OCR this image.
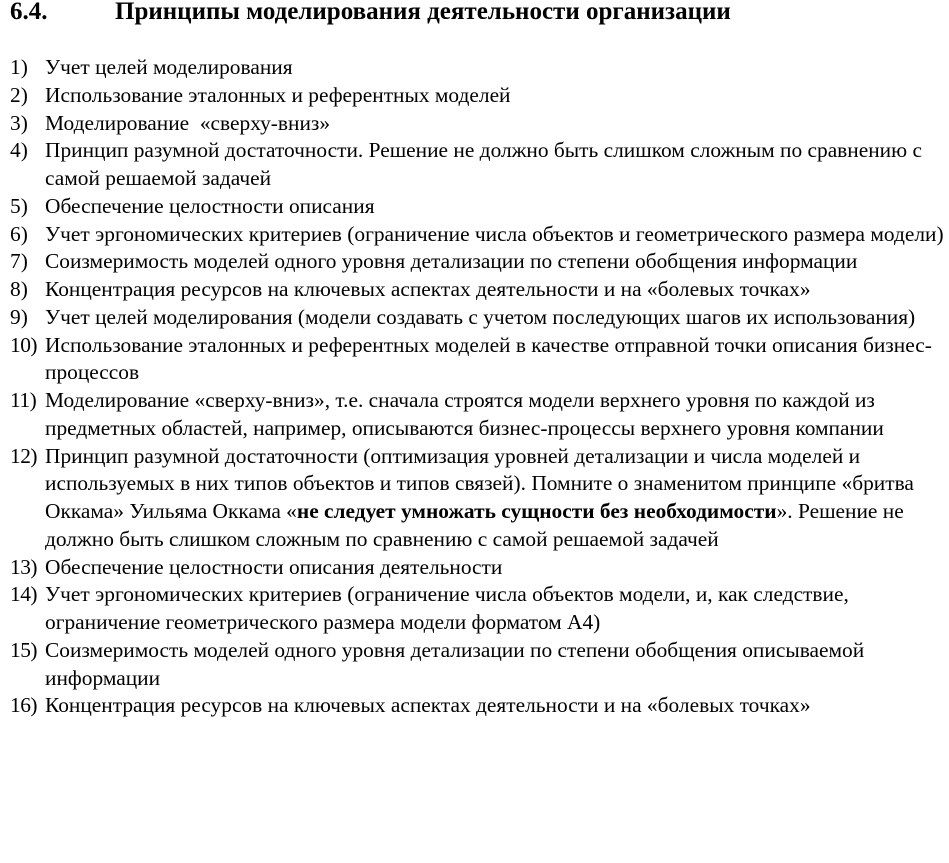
6.4.	Принципы моделирования деятельности организации
1) Учет целей моделирования
2) Использование эталонных и референтных моделей
3) Моделирование  «сверху-вниз»
4) Принцип разумной достаточности. Решение не должно быть слишком сложным по сравнению с самой решаемой задачей
5) Обеспечение целостности описания
6) Учет эргономических критериев (ограничение числа объектов и геометрического размера модели)
7) Соизмеримость моделей одного уровня детализации по степени обобщения информации
8) Концентрация ресурсов на ключевых аспектах деятельности и на «болевых точках»
9) Учет целей моделирования (модели создавать с учетом последующих шагов их использования)
10) Использование эталонных и референтных моделей в качестве отправной точки описания бизнес-процессов
11) Моделирование «сверху-вниз», т.е. сначала строятся модели верхнего уровня по каждой из предметных областей, например, описываются бизнес-процессы верхнего уровня компании
12) Принцип разумной достаточности (оптимизация уровней детализации и числа моделей и используемых в них типов объектов и типов связей). Помните о знаменитом принципе «бритва Оккама» Уильяма Оккама «не следует умножать сущности без необходимости». Решение не должно быть слишком сложным по сравнению с самой решаемой задачей
13) Обеспечение целостности описания деятельности
14) Учет эргономических критериев (ограничение числа объектов модели, и, как следствие, ограничение геометрического размера модели форматом А4)
15) Соизмеримость моделей одного уровня детализации по степени обобщения описываемой информации
16) Концентрация ресурсов на ключевых аспектах деятельности и на «болевых точках»
